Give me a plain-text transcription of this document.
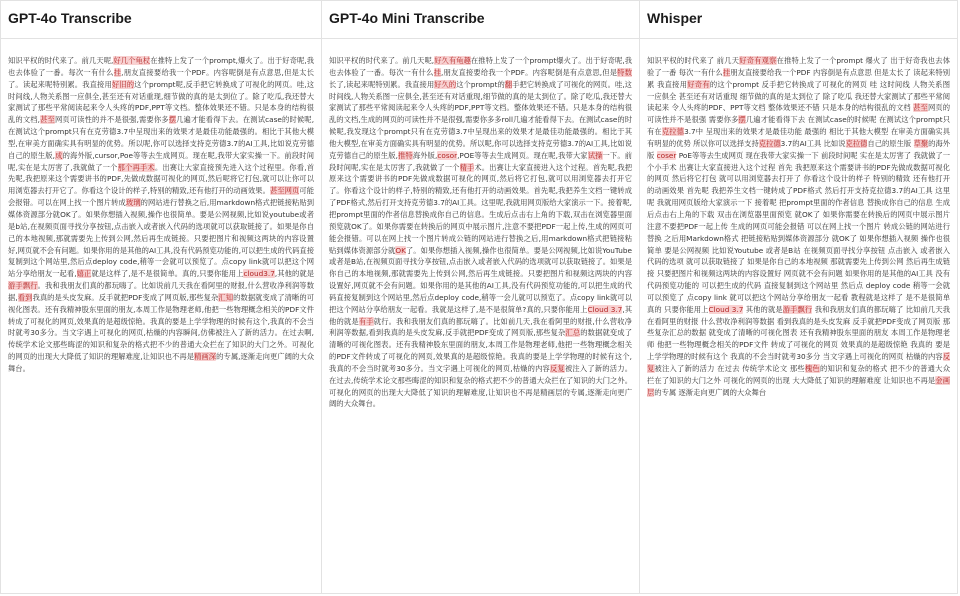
GPT-4o Transcribe
知识平权的时代来了。前几天呢,好几个龟杖在推特上发了一个prompt,爆火了。出于好奇呢,我也去体验了一番。每次一有什么挂,朋友直接要给我一个PDF。内容呢倒是有点意思,但是太长了。读起来呢特别累。我直接用好旧的这个prompt呢,反手把它转换成了可视化的网页。哇,这时间线,人物关系图一应俱全,甚至还有对话重现,细节做的真的是太到位了。除了吃瓜,我还替大家测试了那些平常阅读起来令人头疼的PDF,PPT等文档。整体效果还不错。只是本身的结构很乱的文档,甚至网页可读性的并不是很强,需要你多摆几遍才能看得下去。在测试case的时候呢,在测试这个prompt只有在克劳德3.7中呈现出来的效果才是最佳功能最强的。相比于其他大模型,在审美方面确实具有明显的优势。所以呢,你可以选择支持克劳德3.7的AI工具,比如说克劳德自己的原生版,成的海外版,cursor,Poe等等去生成网页。现在呢,我带大家实操一下。前段时间呢,实在是太厉害了,我就做了一个那个再手术。出赛让大家直接预先进入这个过程里。你看,首先呢,我把原来这个需要讲书的PDF,先做成数据可视化的网页,然后呢将它打包,就可以让你可以用浏览器去打开它了。你看这个设计的样子,特别的精致,还有他打开的动画效果。甚至网页可能会报错。可以在网上找一个图片转成玻璃的网站进行替换之后,用markdown格式把链接粘贴到媒体资源部分就OK了。如果你想插入视频,操作也很简单。要是公网视频,比如说youtube或者是b站,在视频页面寻找分享按钮,点击嵌入或者嵌入代码的选项就可以获取链接了。如果是你自己的本地视频,那就需要先上传到公网,然后再生成链接。只要把图片和视频这两块的内容设置好,网页就不会有问题。如果你用的是其他的AI工具,没有代码预览功能的,可以把生成的代码直接复制到这个网站里,然后点deploy code,稍等一会就可以预览了。点copy link就可以把这个网站分享给朋友一起看,嬉正就是这样了,是不是很简单。真的,只要你能用上cloud3.7,其他的就是游手飘行。我和我朋友们真的都玩嗨了。比如说前几天我在看阿里的财报,什么营收净利润等数据,看到我真的是头皮发麻。反手就把PDF变成了网页版,那些复杂汇知的数据就变成了清晰的可视化图表。还有我精神股东里面的朋友,本周工作是物理老师,他把一些物理概念相关的PDF文件转成了可视化的网页,效果真的是超级惊艳。我真的要是上学学物理的时候有这个,我真的不会当时就考30多分。当文字遇上可视化的网页,枯燥的内容瞬间,仿佛被注入了新的活力。在过去啊,传统学术论文那些晦涩的知识和复杂的格式把不少的普通大众拦在了知识的大门之外。可视化的网页的出现大大降低了知识的理解难度,让知识也不再是精画深的专属,逐渐走向更广阔的大众舞台。
GPT-4o Mini Transcribe
知识平权的时代来了。前几天呢,好久有龟趣在推特上发了一个prompt爆火了。出于好奇呢,我也去体验了一番。每次一有什么挂,朋友直接要给我一个PDF。内容呢倒是有点意思,但是特数长了,读起来呢特别累。我直接用好久的这个prompt的翻手把它转换成了可视化的网页。哇,这时间线,人物关系图一应俱全,甚至还有对话重现,细节做的真的是太到位了。除了吃瓜,我还替大家测试了那些平常阅读起来令人头疼的PDF,PPT等文档。整体效果还不错。只是本身的结构很乱的文档,生成的网页的可读性并不是很强,需要你多多roll几遍才能看得下去。在测试case的时候呢,我发现这个prompt只有在克劳德3.7中呈现出来的效果才是最佳功能最强的。相比于其他大模型,在审美方面确实具有明显的优势。所以呢,你可以选择支持克劳德3.7的AI工具,比如说克劳德自己的原生版,推特海外版,cosor,POE等等去生成网页。现在呢,我带大家试操一下。前段时间呢,实在是太厉害了,我就做了一个精手术。出赛让大家直接进入这个过程。首先呢,我把原来这个需要讲书的PDF先做成数据可视化的网页,然后将它打包,就可以用浏览器去打开它了。你看这个设计的样子,特别的精致,还有他打开的动画效果。首先呢,我把养生文档一键转成了PDF格式,然后打开支持克劳德3.7的AI工具。这里呢,我就用网页版给大家演示一下。接着呢,把prompt里面的作者信息替换成你自己的信息。生成后点击右上角的下载,双击在浏览器里面预览就OK了。如果你需要在转换后的网页中展示图片,注意不要把PDF一起上传,生成的网页可能会报错。可以在网上找一个图片转成公链的网站进行替换之后,用markdown格式把链接粘贴到媒体资源部分就OK了。如果你想插入视频,操作也很简单。要是公网视频,比如说YouTube或者是B站,在视频页面寻找分享按钮,点击嵌入或者嵌入代码的选项就可以获取链接了。如果是你自己的本地视频,那就需要先上传到公网,然后再生成链接。只要把图片和视频这两块的内容设置好,网页就不会有问题。如果你用的是其他的AI工具,没有代码预览功能的,可以把生成的代码直接复制到这个网站里,然后点deploy code,稍等一会儿就可以预览了。点copy link就可以把这个网站分享给朋友一起看。我就是这样了,是不是很简单?真的,只要你能用上Cloud 3.7,其他的就是有手就行。我和我朋友们真的都玩嗨了。比如前几天,我在看阿里的财报,什么营收净利润等数据,看到我真的是头皮发麻,反手就把PDF变成了网页版,那些复杂汇总的数据就变成了清晰的可视化图表。还有我精神股东里面的朋友,本周工作是物理老师,他把一些物理概念相关的PDF文件转成了可视化的网页,效果真的是超级惊艳。我真的要是上学学物理的时候有这个,我真的不会当时就考30多分。当文字遇上可视化的网页,枯燥的内容反复被注入了新的活力。在过去,传统学术论文那些晦涩的知识和复杂的格式把不少的普通大众拦在了知识的大门之外。可视化的网页的出现大大降低了知识的理解难度,让知识也不再是精画层的专属,逐渐走向更广阔的大众舞台。
Whisper
知识平权的时代来了 前几天好奇有观察在推特上发了一个prompt 爆火了 出于好奇我也去体验了一番 每次一有什么挂朋友直接要给我一个PDF 内容倒是有点意思 但是太长了 读起来特别累 我直接用好奇有的这个prompt 反手把它转换成了可视化的网页 哇 这时间线 人物关系图 一应俱全 甚至还有对话重现 细节做的真的是太到位了 除了吃瓜 我还替大家测试了那些平常阅读起来 令人头疼的PDF、PPT等文档 整体效果还不错 只是本身的结构很乱的文档 甚至网页的可读性并不是很强 需要你多摆几遍才能看得下去 在测试case的时候呢 在测试这个prompt只有在克拉德3.7中 呈现出来的效果才是最佳功能 最强的 相比于其他大模型 在审美方面确实具有明显的优势 所以你可以选择支持克拉德3.7的AI工具 比如说克拉德自己的原生版 草聚的海外版 coser PoE等等去生成网页 现在我带大家实操一下 前段时间呢 实在是太厉害了 我就做了一个小手术 出赛让大家直接进入这个过程 首先 我把原来这个需要讲书的PDF先做成数据可视化的网页 然后将它打包 就可以用浏览器去打开了 你看这个设计的样子 特别的精致 还有他打开的动画效果 首先呢 我把养生文档一键转成了PDF格式 然后打开支持克拉德3.7的AI工具 这里呢 我就用网页版给大家演示一下 接着呢 把prompt里面的作者信息 替换成你自己的信息 生成后点击右上角的下载 双击在浏览器里面预览 就OK了 如果你需要在转换后的网页中展示图片 注意不要把PDF一起上传 生成的网页可能会报错 可以在网上找一个图片 转成公链的网站进行替换 之后用Markdown格式 把链接粘贴到媒体资源部分 就OK了 如果你想插入视频 操作也很简单 要是公网视频 比如说Youtube 或者是B站 在视频页面寻找分享按钮 点击嵌入 或者嵌入代码的选项 就可以获取链接了 如果是你自己的本地视频 那就需要先上传到公网 然后再生成链接 只要把图片和视频这两块的内容设置好 网页就不会有问题 如果你用的是其他的AI工具 没有代码预览功能的 可以把生成的代码 直接复制到这个网站里 然后点 deploy code 稍等一会就可以预览了 点copy link 就可以把这个网站分享给朋友一起看 教程就是这样了 是不是很简单 真的 只要你能用上Cloud 3.7 其他的就是游手飘行 我和我朋友们真的都玩嗨了 比如前几天我在看阿里的财报 什么营收净利润等数据 看到我真的是头皮发麻 反手就把PDF变成了网页版 那些复杂汇总的数据 就变成了清晰的可视化图表 还有我精神股东里面的朋友 本周工作是物理老师 他把一些物理概念相关的PDF文件 转成了可视化的网页 效果真的是超级惊艳 我真的 要是上学学物理的时候有这个 我真的不会当时就考30多分 当文字遇上可视化的网页 枯燥的内容反复被注入了新的活力 在过去 传统学术论文 那些槐色的知识和复杂的格式 把不少的普通大众 拦在了知识的大门之外 可视化的网页的出现 大大降低了知识的理解难度 让知识也不再是金画层的专属 逐渐走向更广阔的大众舞台
